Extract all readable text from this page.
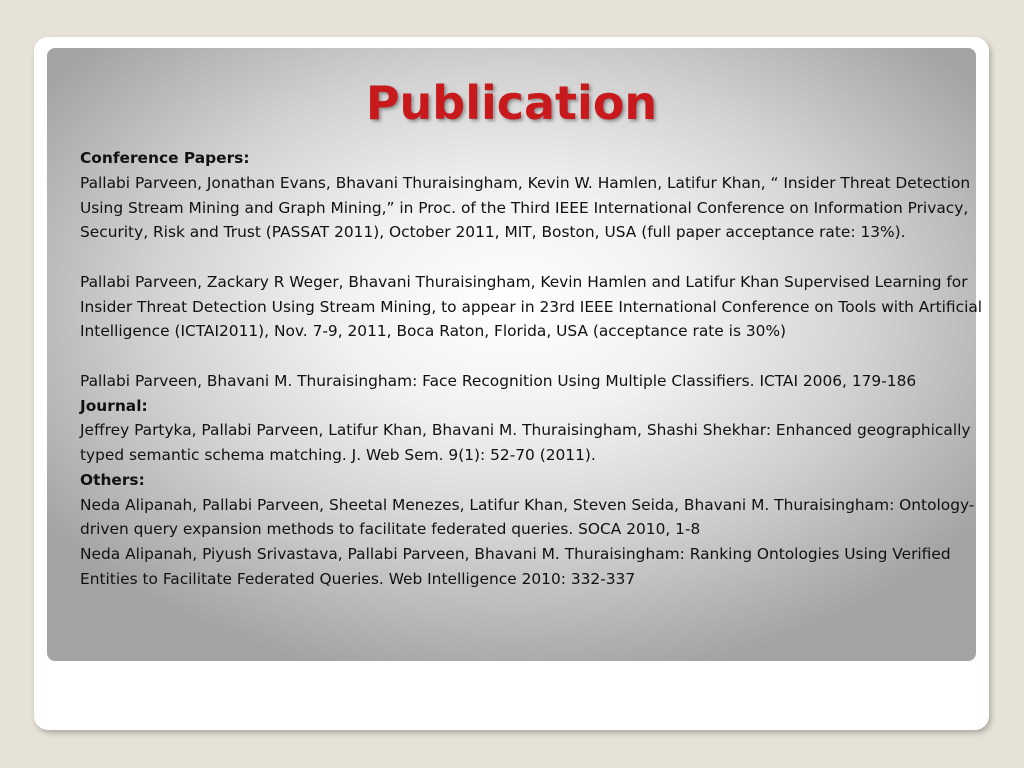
Publication

Conference Papers:

Pallabi Parveen, Jonathan Evans, Bhavani Thuraisingham, Kevin W. Hamlen, Latifur Khan, “ Insider Threat Detection Using Stream Mining and Graph Mining,” in Proc. of the Third IEEE International Conference on Information Privacy, Security, Risk and Trust (PASSAT 2011), October 2011, MIT, Boston, USA (full paper acceptance rate: 13%).

Pallabi Parveen, Zackary R Weger, Bhavani Thuraisingham, Kevin Hamlen and Latifur Khan Supervised Learning for Insider Threat Detection Using Stream Mining, to appear in 23rd IEEE International Conference on Tools with Artificial Intelligence (ICTAI2011), Nov. 7-9, 2011, Boca Raton, Florida, USA (acceptance rate is 30%)

Pallabi Parveen, Bhavani M. Thuraisingham: Face Recognition Using Multiple Classifiers. ICTAI 2006, 179-186

Journal:

Jeffrey Partyka, Pallabi Parveen, Latifur Khan, Bhavani M. Thuraisingham, Shashi Shekhar: Enhanced geographically typed semantic schema matching. J. Web Sem. 9(1): 52-70 (2011).

Others:

Neda Alipanah, Pallabi Parveen, Sheetal Menezes, Latifur Khan, Steven Seida, Bhavani M. Thuraisingham: Ontology-driven query expansion methods to facilitate federated queries. SOCA 2010, 1-8

Neda Alipanah, Piyush Srivastava, Pallabi Parveen, Bhavani M. Thuraisingham: Ranking Ontologies Using Verified Entities to Facilitate Federated Queries. Web Intelligence 2010: 332-337
